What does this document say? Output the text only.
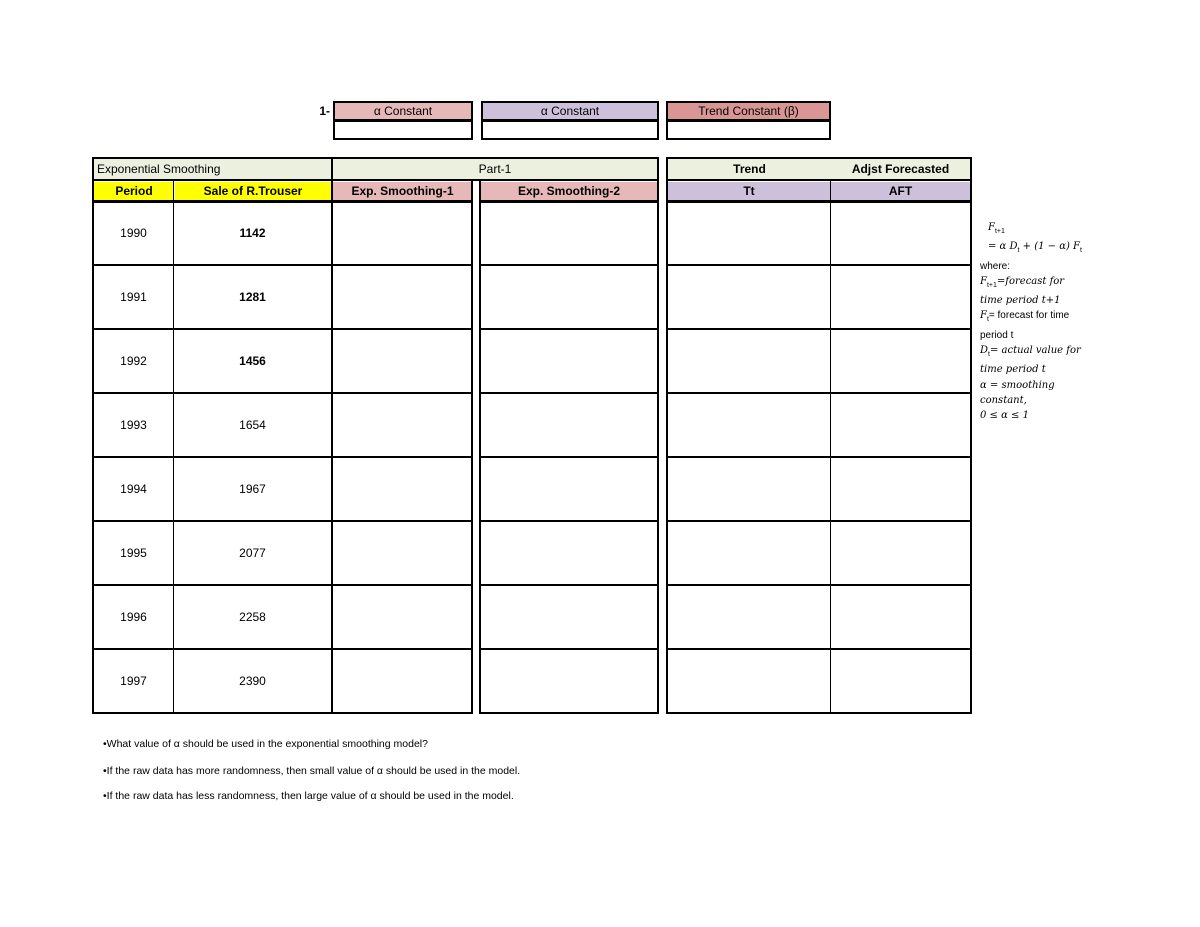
1-	α Constant	α Constant	Trend Constant (β)
Exponential Smoothing	Part-1	Trend	Adjst Forecasted
Period	Sale of R.Trouser	Exp. Smoothing-1	Exp. Smoothing-2	Tt	AFT
1990	1142
1991	1281
1992	1456
1993	1654
1994	1967
1995	2077
1996	2258
1997	2390
$F_{t+1}$
= α $D_t + (1 - \alpha)$ $F_t$
where:
$F_{t+1}=forecast$ for
time period t+1
$F_t=$ forecast for time
period t
$D_t=$ actual value for
time period t
α = smoothing
constant,
0 ≤ α ≤ 1
•What value of α should be used in the exponential smoothing model?
•If the raw data has more randomness, then small value of α should be used in the model.
•If the raw data has less randomness, then large value of α should be used in the model.
